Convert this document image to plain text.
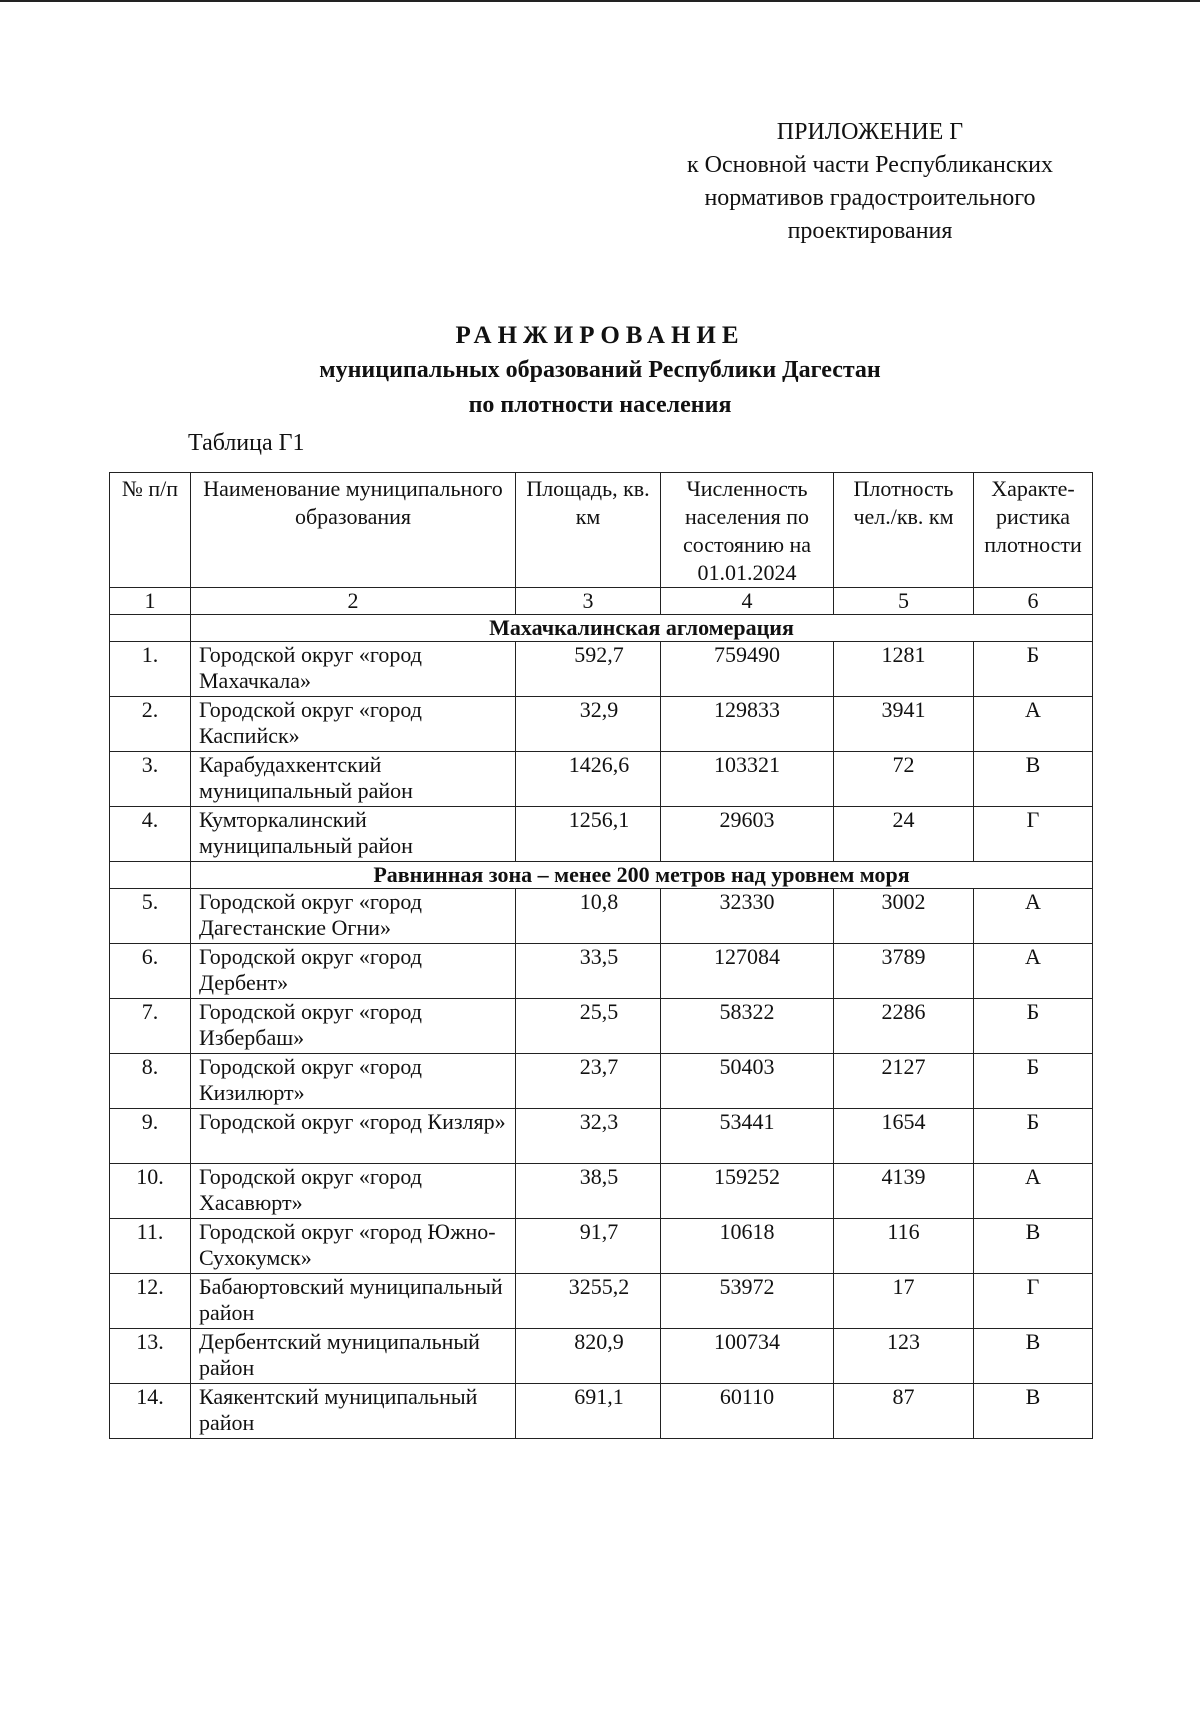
ПРИЛОЖЕНИЕ Г
к Основной части Республиканских
нормативов градостроительного
проектирования
РАНЖИРОВАНИЕ
муниципальных образований Республики Дагестан
по плотности населения
Таблица Г1
№ п/п	Наименование муниципального образования	Площадь, кв. км	Численность населения по состоянию на 01.01.2024	Плотность чел./кв. км	Характе-ристика плотности
1	2	3	4	5	6
	Махачкалинская агломерация				
1.	Городской округ «город Махачкала»	592,7	759490	1281	Б
2.	Городской округ «город Каспийск»	32,9	129833	3941	А
3.	Карабудахкентский муниципальный район	1426,6	103321	72	В
4.	Кумторкалинский муниципальный район	1256,1	29603	24	Г
	Равнинная зона – менее 200 метров над уровнем моря				
5.	Городской округ «город Дагестанские Огни»	10,8	32330	3002	А
6.	Городской округ «город Дербент»	33,5	127084	3789	А
7.	Городской округ «город Избербаш»	25,5	58322	2286	Б
8.	Городской округ «город Кизилюрт»	23,7	50403	2127	Б
9.	Городской округ «город Кизляр»	32,3	53441	1654	Б
10.	Городской округ «город Хасавюрт»	38,5	159252	4139	А
11.	Городской округ «город Южно-Сухокумск»	91,7	10618	116	В
12.	Бабаюртовский муниципальный район	3255,2	53972	17	Г
13.	Дербентский муниципальный район	820,9	100734	123	В
14.	Каякентский муниципальный район	691,1	60110	87	В
